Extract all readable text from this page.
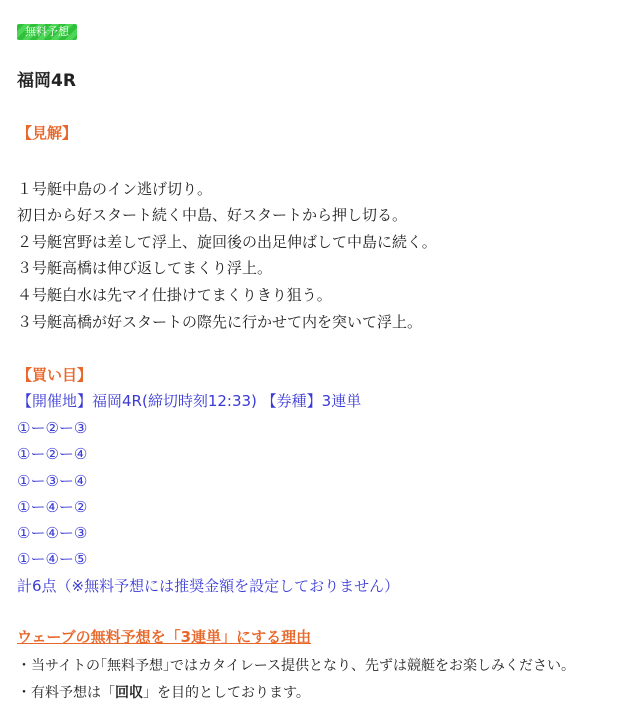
無料予想
福岡4R
【見解】

１号艇中島のイン逃げ切り。

初日から好スタート続く中島、好スタートから押し切る。

２号艇宮野は差して浮上、旋回後の出足伸ばして中島に続く。

３号艇高橋は伸び返してまくり浮上。

４号艇白水は先マイ仕掛けてまくりきり狙う。

３号艇高橋が好スタートの際先に行かせて内を突いて浮上。

【買い目】

【開催地】福岡4R(締切時刻12:33) 【券種】3連単

①ー②ー③

①ー②ー④

①ー③ー④

①ー④ー②

①ー④ー③

①ー④ー⑤

計6点（※無料予想には推奨金額を設定しておりません）

ウェーブの無料予想を「3連単」にする理由

・当サイトの｢無料予想｣ではカタイレース提供となり、先ずは競艇をお楽しみください。

・有料予想は「回収」を目的としております。
